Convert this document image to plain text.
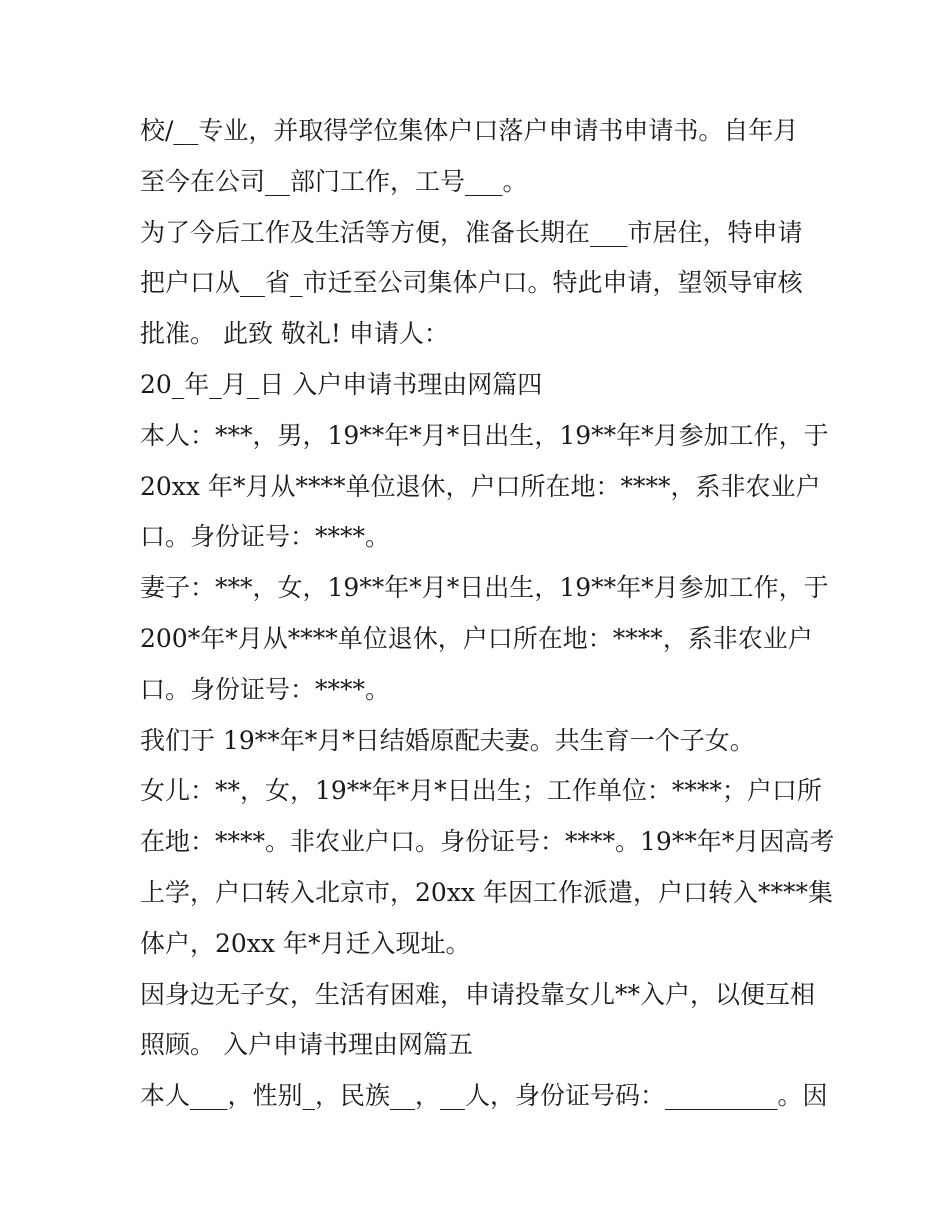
校/__专业，并取得学位集体户口落户申请书申请书。自年月
至今在公司__部门工作，工号___。
为了今后工作及生活等方便，准备长期在___市居住，特申请
把户口从__省_市迁至公司集体户口。特此申请，望领导审核
批准。 此致 敬礼! 申请人：
20_年_月_日 入户申请书理由网篇四
本人：***，男，19**年*月*日出生，19**年*月参加工作，于
20xx 年*月从****单位退休，户口所在地：****，系非农业户
口。身份证号：****。
妻子：***，女，19**年*月*日出生，19**年*月参加工作，于
200*年*月从****单位退休，户口所在地：****，系非农业户
口。身份证号：****。
我们于 19**年*月*日结婚原配夫妻。共生育一个子女。
女儿：**，女，19**年*月*日出生；工作单位：****；户口所
在地：****。非农业户口。身份证号：****。19**年*月因高考
上学，户口转入北京市，20xx 年因工作派遣，户口转入****集
体户，20xx 年*月迁入现址。
因身边无子女，生活有困难，申请投靠女儿**入户，以便互相
照顾。 入户申请书理由网篇五
本人___，性别_，民族__，__人，身份证号码：_________。因
